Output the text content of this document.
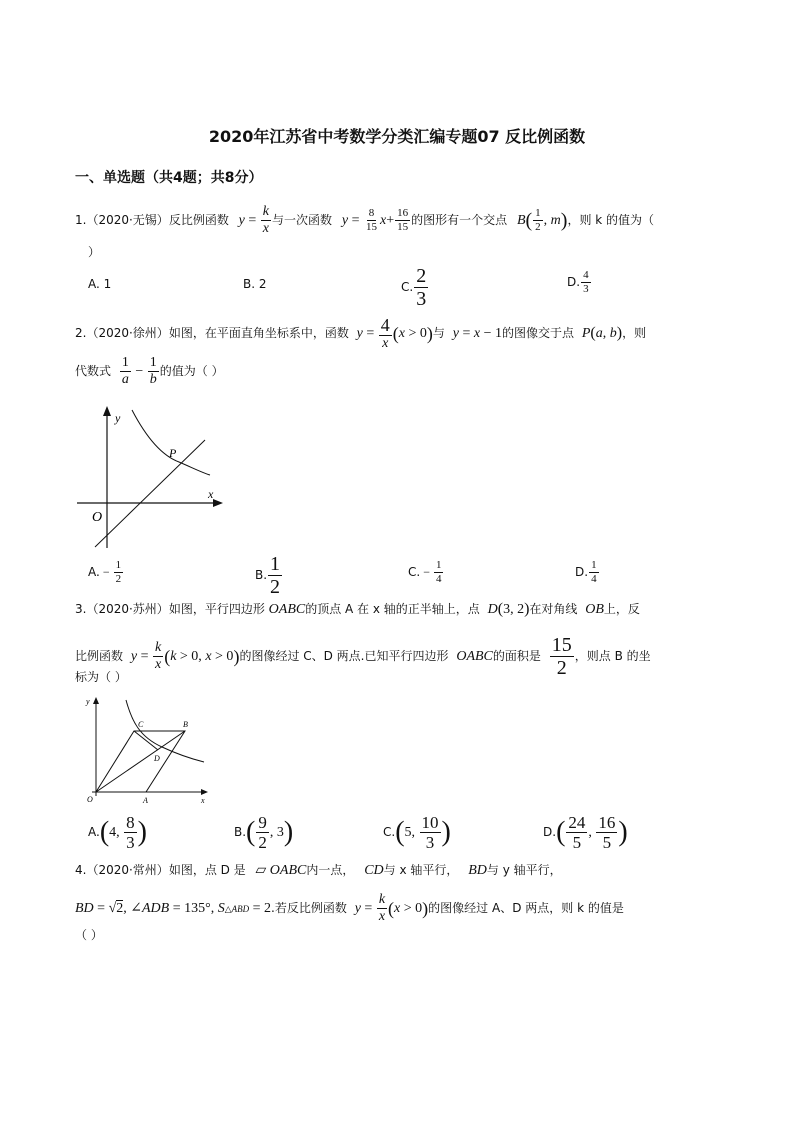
2020年江苏省中考数学分类汇编专题07 反比例函数
一、单选题（共4题；共8分）
1.（2020·无锡）反比例函数 $y = \frac{k}{x}$ 与一次函数 $y = \frac{8}{15} x+ \frac{16}{15}$ 的图形有一个交点 $B( \frac{1}{2}$ , m)，则 k 的值为（
）
A. 1	B. 2	C. $\frac{2}{3}$	D. $\frac{4}{3}$
2.（2020·徐州）如图，在平面直角坐标系中，函数 $y = \frac{4}{x} (x > 0)$与 y = x − 1的图像交于点 P(a, b)，则
代数式 $\frac{1}{a} - \frac{1}{b}$ 的值为（ ）
y
x
O
P
A. − $\frac{1}{2}$	B. $\frac{1}{2}$	C. − $\frac{1}{4}$	D. $\frac{1}{4}$
3.（2020·苏州）如图，平行四边形 OABC的顶点 A 在 x 轴的正半轴上，点 D(3, 2)在对角线 OB上，反
比例函数 $y = \frac{k}{x} (k > 0$, x > 0)的图像经过 C、D 两点.已知平行四边形 OABC的面积是 $\frac{15}{2}$ ，则点 B 的坐
标为（ ）
y
x
O	A
B
C
D
A.(4, $\frac{8}{3}$ )	$B.( \frac{9}{2}$ , 3)	C.(5, $\frac{10}{3}$ )	$D.( \frac{24}{5}$ , $\frac{16}{5}$ )
4.（2020·常州）如图，点 D 是 ▱ OABC内一点， CD与 x 轴平行， BD与 y 轴平行，
BD = √2, ∠ADB = 135°, S△ABD = 2.若反比例函数 $y = \frac{k}{x} (x > 0)$的图像经过 A、D 两点，则 k 的值是
（ ）
